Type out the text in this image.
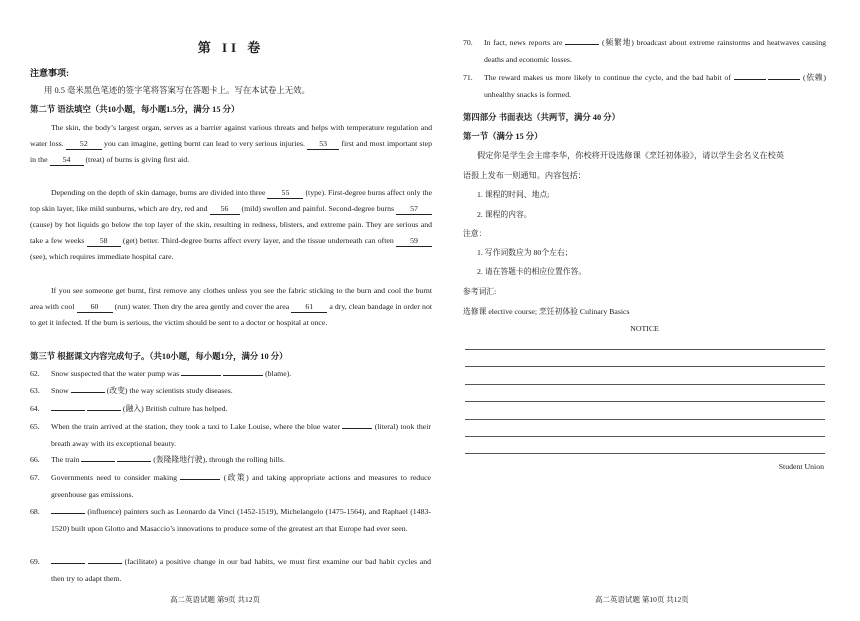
第 II 卷
注意事项:
用 0.5 毫米黑色笔迹的签字笔将答案写在答题卡上。写在本试卷上无效。
第二节 语法填空（共10小题，每小题1.5分，满分 15 分）
The skin, the body’s largest organ, serves as a barrier against various threats and helps with temperature regulation and water loss. 52 you can imagine, getting burnt can lead to very serious injuries. 53 first and most important step in the 54 (treat) of burns is giving first aid.
Depending on the depth of skin damage, burns are divided into three 55 (type). First-degree burns affect only the top skin layer, like mild sunburns, which are dry, red and 56 (mild) swollen and painful. Second-degree burns 57 (cause) by hot liquids go below the top layer of the skin, resulting in redness, blisters, and extreme pain. They are serious and take a few weeks 58 (get) better. Third-degree burns affect every layer, and the tissue underneath can often 59 (see), which requires immediate hospital care.
If you see someone get burnt, first remove any clothes unless you see the fabric sticking to the burn and cool the burnt area with cool 60 (run) water. Then dry the area gently and cover the area 61 a dry, clean bandage in order not to get it infected. If the burn is serious, the victim should be sent to a doctor or hospital at once.
第三节 根据课文内容完成句子。（共10小题，每小题1分，满分 10 分）
62. Snow suspected that the water pump was	(blame).
63. Snow	(改变) the way scientists study diseases.
64.	(融入) British culture has helped.
65. When the train arrived at the station, they took a taxi to Lake Louise, where the blue water	(literal) took their breath away with its exceptional beauty.
66. The train	(轰隆隆地行驶), through the rolling hills.
67. Governments need to consider making	(政策) and taking appropriate actions and measures to reduce greenhouse gas emissions.
68.	(influence) painters such as Leonardo da Vinci (1452-1519), Michelangelo (1475-1564), and Raphael (1483-1520) built upon Glotto and Masaccio’s innovations to produce some of the greatest art that Europe had ever seen.
69.	(facilitate) a positive change in our bad habits, we must first examine our bad habit cycles and then try to adapt them.
高二英语试题 第9页 共12页
70. In fact, news reports are	(频繁地) broadcast about extreme rainstorms and heatwaves causing deaths and economic losses.
71. The reward makes us more likely to continue the cycle, and the bad habit of	(依赖) unhealthy snacks is formed.
第四部分 书面表达（共两节，满分 40 分）
第一节（满分 15 分）
假定你是学生会主席李华，你校将开设选修课《烹饪初体验》，请以学生会名义在校英
语报上发布一则通知。内容包括：
1. 课程的时间、地点;
2. 课程的内容。
注意：
1. 写作词数应为 80个左右；
2. 请在答题卡的相应位置作答。
参考词汇:
选修课 elective course; 烹饪初体验 Culinary Basics
NOTICE
Student Union
高二英语试题 第10页 共12页
